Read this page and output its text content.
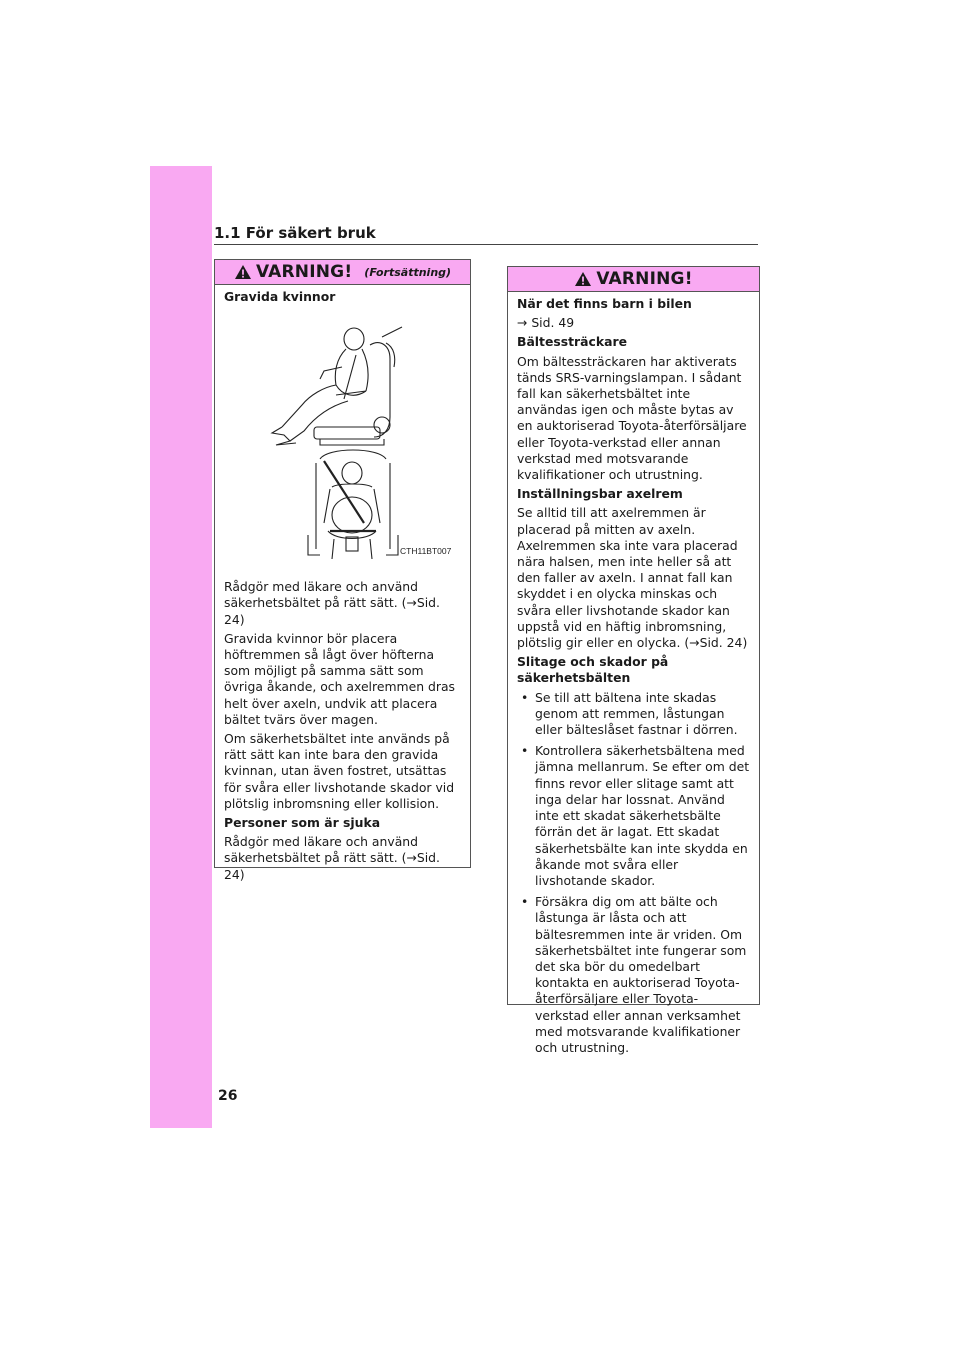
1.1 För säkert bruk
VARNING! (Fortsättning)

Gravida kvinnor

CTH11BT007

Rådgör med läkare och använd säkerhetsbältet på rätt sätt. (→Sid. 24)

Gravida kvinnor bör placera höftremmen så lågt över höfterna som möjligt på samma sätt som övriga åkande, och axelremmen dras helt över axeln, undvik att placera bältet tvärs över magen.

Om säkerhetsbältet inte används på rätt sätt kan inte bara den gravida kvinnan, utan även fostret, utsättas för svåra eller livshotande skador vid plötslig inbromsning eller kollision.

Personer som är sjuka

Rådgör med läkare och använd säkerhetsbältet på rätt sätt. (→Sid. 24)

VARNING!

När det finns barn i bilen

→ Sid. 49

Bältessträckare

Om bältessträckaren har aktiverats tänds SRS-varningslampan. I sådant fall kan säkerhetsbältet inte användas igen och måste bytas av en auktoriserad Toyota-återförsäljare eller Toyota-verkstad eller annan verkstad med motsvarande kvalifikationer och utrustning.

Inställningsbar axelrem

Se alltid till att axelremmen är placerad på mitten av axeln. Axelremmen ska inte vara placerad nära halsen, men inte heller så att den faller av axeln. I annat fall kan skyddet i en olycka minskas och svåra eller livshotande skador kan uppstå vid en häftig inbromsning, plötslig gir eller en olycka. (→Sid. 24)

Slitage och skador på säkerhetsbälten

• Se till att bältena inte skadas genom att remmen, låstungan eller bälteslåset fastnar i dörren.
• Kontrollera säkerhetsbältena med jämna mellanrum. Se efter om det finns revor eller slitage samt att inga delar har lossnat. Använd inte ett skadat säkerhetsbälte förrän det är lagat. Ett skadat säkerhetsbälte kan inte skydda en åkande mot svåra eller livshotande skador.
• Försäkra dig om att bälte och låstunga är låsta och att bältesremmen inte är vriden. Om säkerhetsbältet inte fungerar som det ska bör du omedelbart kontakta en auktoriserad Toyota-återförsäljare eller Toyota-verkstad eller annan verksamhet med motsvarande kvalifikationer och utrustning.
26
